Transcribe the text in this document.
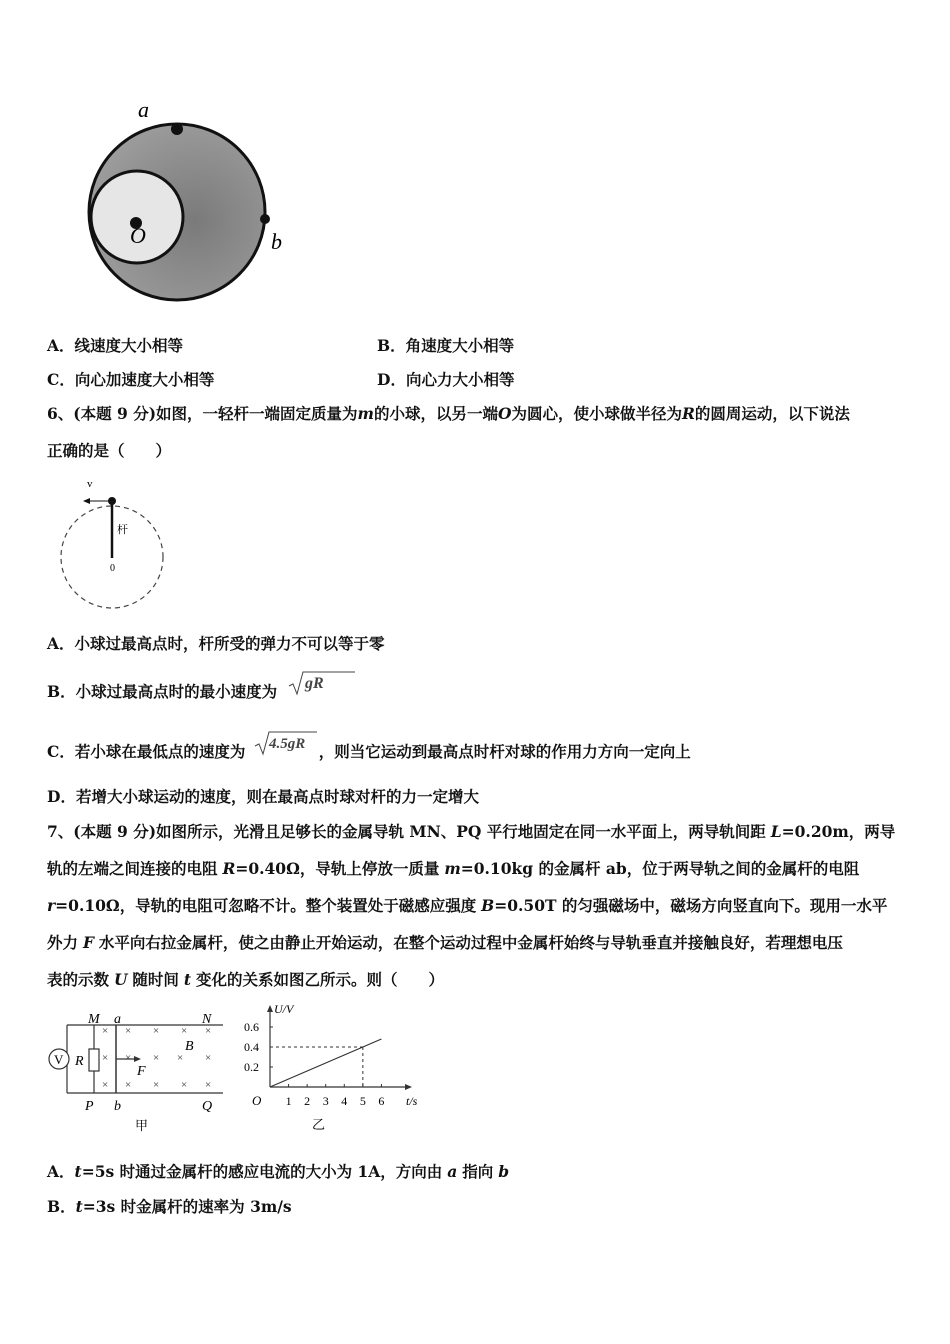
a
b
O
A．线速度大小相等	B．角速度大小相等
C．向心加速度大小相等	D．向心力大小相等
6、(本题 9 分)如图，一轻杆一端固定质量为m的小球，以另一端O为圆心，使小球做半径为R的圆周运动，以下说法
正确的是（　　）
v
杆
0
A．小球过最高点时，杆所受的弹力不可以等于零
B．小球过最高点时的最小速度为 gR
C．若小球在最低点的速度为 4.5gR ，则当它运动到最高点时杆对球的作用力方向一定向上
D．若增大小球运动的速度，则在最高点时球对杆的力一定增大
7、(本题 9 分)如图所示，光滑且足够长的金属导轨 MN、PQ 平行地固定在同一水平面上，两导轨间距 L=0.20m，两导
轨的左端之间连接的电阻 R=0.40Ω，导轨上停放一质量 m=0.10kg 的金属杆 ab，位于两导轨之间的金属杆的电阻
r=0.10Ω，导轨的电阻可忽略不计。整个装置处于磁感应强度 B=0.50T 的匀强磁场中，磁场方向竖直向下。现用一水平
外力 F 水平向右拉金属杆，使之由静止开始运动，在整个运动过程中金属杆始终与导轨垂直并接触良好，若理想电压
表的示数 U 随时间 t 变化的关系如图乙所示。则（　　）
V R
M a	N
P b	Q
F
B
甲
× × × × ×
× × × × ×
× × × × ×
1 2 3 4 5 6
0.2
0.4
0.6
U/V
t/s
O
乙
A．t=5s 时通过金属杆的感应电流的大小为 1A，方向由 a 指向 b
B．t=3s 时金属杆的速率为 3m/s
